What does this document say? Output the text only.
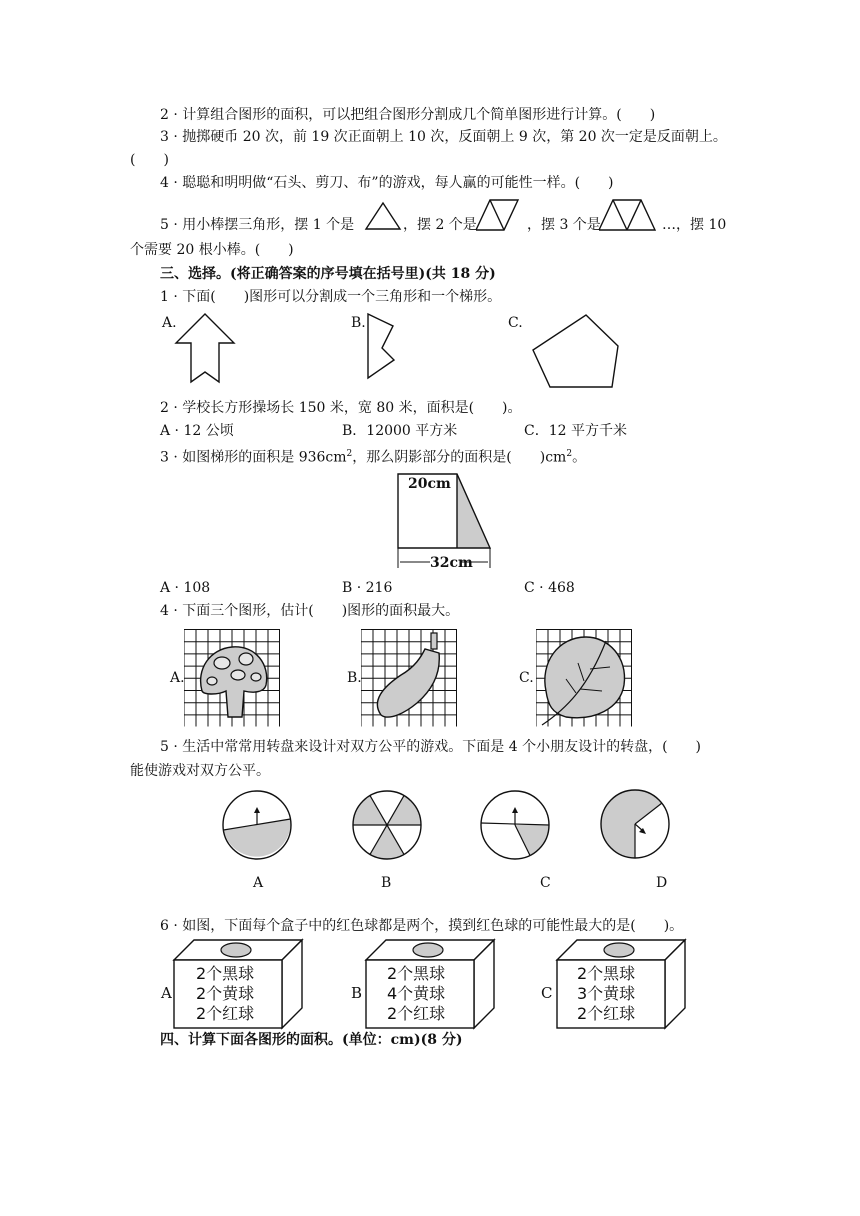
2 · 计算组合图形的面积，可以把组合图形分割成几个简单图形进行计算。(　　)
3 · 抛掷硬币 20 次，前 19 次正面朝上 10 次，反面朝上 9 次，第 20 次一定是反面朝上。
(　　)
4 · 聪聪和明明做“石头、剪刀、布”的游戏，每人赢的可能性一样。(　　)
5 · 用小棒摆三角形，摆 1 个是	，摆 2 个是	，摆 3 个是	…，摆 10
个需要 20 根小棒。(　　)
三、选择。(将正确答案的序号填在括号里)(共 18 分)
1 · 下面(　　)图形可以分割成一个三角形和一个梯形。
A.	B.	C.
2 · 学校长方形操场长 150 米，宽 80 米，面积是(　　)。
A · 12 公顷	B．12000 平方米	C．12 平方千米
3 · 如图梯形的面积是 $936cm^2$，那么阴影部分的面积是(　　)$cm^2$。
20cm
32cm
A · 108	B · 216	C · 468
4 · 下面三个图形，估计(　　)图形的面积最大。
A.	B.	C.
5 · 生活中常常用转盘来设计对双方公平的游戏。下面是 4 个小朋友设计的转盘，(　　)
能使游戏对双方公平。
A	B	C	D
6 · 如图，下面每个盒子中的红色球都是两个，摸到红色球的可能性最大的是(　　)。
A
2个黑球
2个黄球
2个红球
B
2个黑球
4个黄球
2个红球
C
2个黑球
3个黄球
2个红球
四、计算下面各图形的面积。(单位：cm)(8 分)
